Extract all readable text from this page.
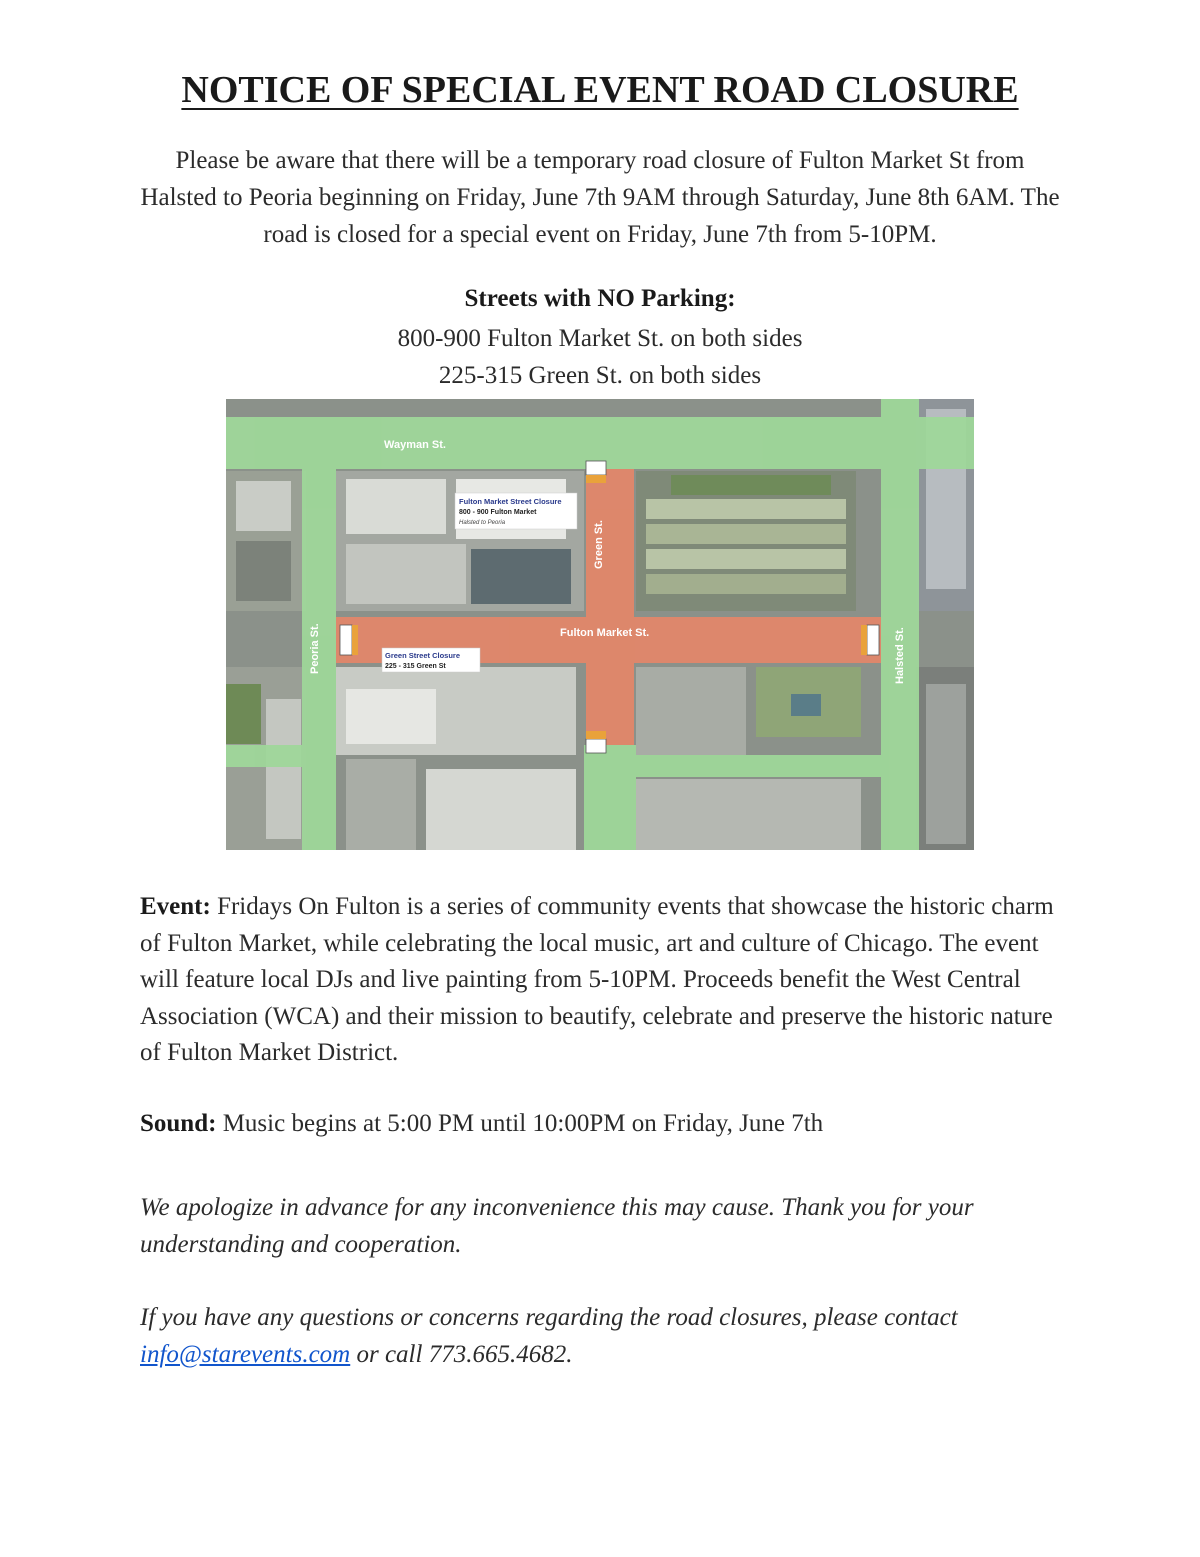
NOTICE OF SPECIAL EVENT ROAD CLOSURE

Please be aware that there will be a temporary road closure of Fulton Market St from Halsted to Peoria beginning on Friday, June 7th 9AM through Saturday, June 8th 6AM. The road is closed for a special event on Friday, June 7th from 5-10PM.

Streets with NO Parking:

800-900 Fulton Market St. on both sides

225-315 Green St. on both sides

Wayman St.
Fulton Market St.
Green St.
Peoria St.	Halsted St.
Fulton Market Street Closure
800 - 900 Fulton Market
Halsted to Peoria
Green Street Closure
225 - 315 Green St

Event: Fridays On Fulton is a series of community events that showcase the historic charm of Fulton Market, while celebrating the local music, art and culture of Chicago. The event will feature local DJs and live painting from 5-10PM. Proceeds benefit the West Central Association (WCA) and their mission to beautify, celebrate and preserve the historic nature of Fulton Market District.

Sound: Music begins at 5:00 PM until 10:00PM on Friday, June 7th

We apologize in advance for any inconvenience this may cause. Thank you for your understanding and cooperation.

If you have any questions or concerns regarding the road closures, please contact info@starevents.com or call 773.665.4682.
